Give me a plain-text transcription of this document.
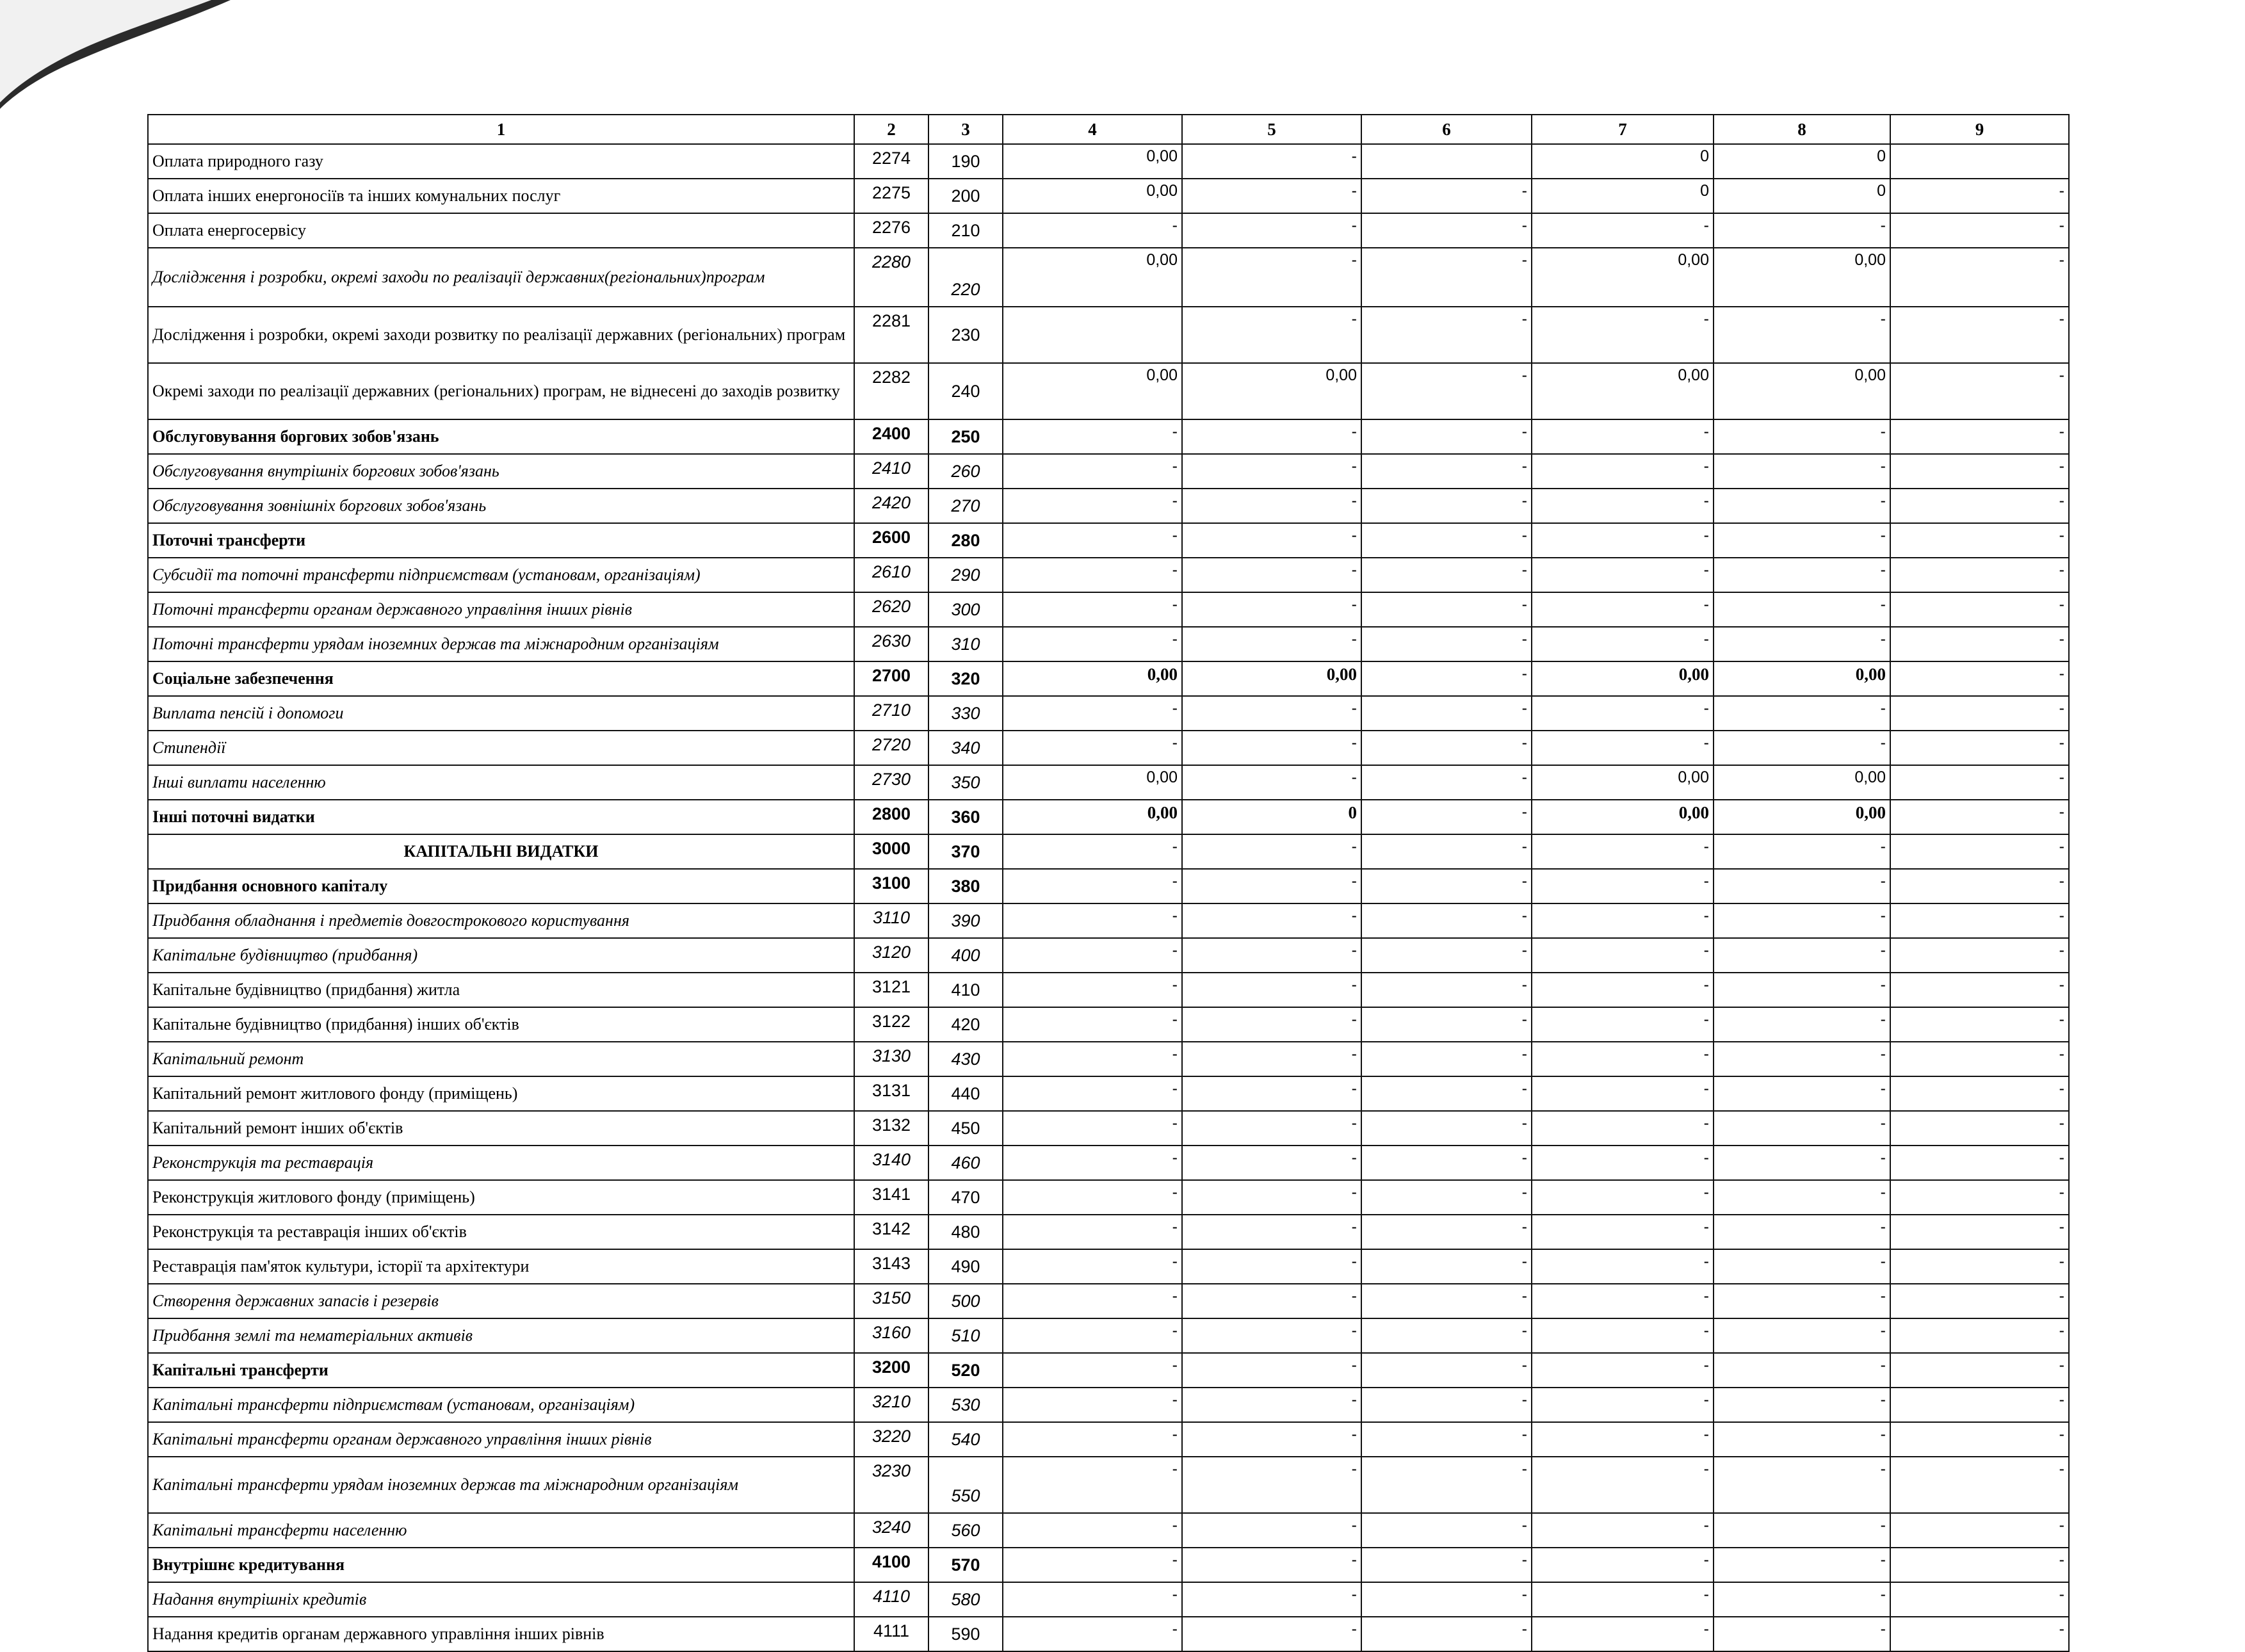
1	2	3	4	5	6	7	8	9
Оплата природного газу	2274	190	0,00	-		0	0	
Оплата інших енергоносіїв та інших комунальних послуг	2275	200	0,00	-	-	0	0	-
Оплата енергосервісу	2276	210	-	-	-	-	-	-
Дослідження і розробки, окремі заходи по реалізації державних(регіональних)програм	2280	220	0,00	-	-	0,00	0,00	-
Дослідження і розробки, окремі заходи розвитку по реалізації державних (регіональних) програм	2281	230		-	-	-	-	-
Окремі заходи по реалізації державних (регіональних) програм, не віднесені до заходів розвитку	2282	240	0,00	0,00	-	0,00	0,00	-
Обслуговування боргових зобов'язань	2400	250	-	-	-	-	-	-
Обслуговування внутрішніх боргових зобов'язань	2410	260	-	-	-	-	-	-
Обслуговування зовнішніх боргових зобов'язань	2420	270	-	-	-	-	-	-
Поточні трансферти	2600	280	-	-	-	-	-	-
Субсидії та поточні трансферти підприємствам (установам, організаціям)	2610	290	-	-	-	-	-	-
Поточні трансферти органам державного управління інших рівнів	2620	300	-	-	-	-	-	-
Поточні трансферти урядам іноземних держав та міжнародним організаціям	2630	310	-	-	-	-	-	-
Соціальне забезпечення	2700	320	0,00	0,00	-	0,00	0,00	-
Виплата пенсій і допомоги	2710	330	-	-	-	-	-	-
Стипендії	2720	340	-	-	-	-	-	-
Інші виплати населенню	2730	350	0,00	-	-	0,00	0,00	-
Інші поточні видатки	2800	360	0,00	0	-	0,00	0,00	-
КАПІТАЛЬНІ ВИДАТКИ	3000	370	-	-	-	-	-	-
Придбання основного капіталу	3100	380	-	-	-	-	-	-
Придбання обладнання і предметів довгострокового користування	3110	390	-	-	-	-	-	-
Капітальне будівництво (придбання)	3120	400	-	-	-	-	-	-
Капітальне будівництво (придбання) житла	3121	410	-	-	-	-	-	-
Капітальне будівництво (придбання) інших об'єктів	3122	420	-	-	-	-	-	-
Капітальний ремонт	3130	430	-	-	-	-	-	-
Капітальний ремонт житлового фонду (приміщень)	3131	440	-	-	-	-	-	-
Капітальний ремонт інших об'єктів	3132	450	-	-	-	-	-	-
Реконструкція та реставрація	3140	460	-	-	-	-	-	-
Реконструкція житлового фонду (приміщень)	3141	470	-	-	-	-	-	-
Реконструкція та реставрація інших об'єктів	3142	480	-	-	-	-	-	-
Реставрація пам'яток культури, історії та архітектури	3143	490	-	-	-	-	-	-
Створення державних запасів і резервів	3150	500	-	-	-	-	-	-
Придбання землі та нематеріальних активів	3160	510	-	-	-	-	-	-
Капітальні трансферти	3200	520	-	-	-	-	-	-
Капітальні трансферти підприємствам (установам, організаціям)	3210	530	-	-	-	-	-	-
Капітальні трансферти органам державного управління інших рівнів	3220	540	-	-	-	-	-	-
Капітальні трансферти урядам іноземних держав та міжнародним організаціям	3230	550	-	-	-	-	-	-
Капітальні трансферти населенню	3240	560	-	-	-	-	-	-
Внутрішнє кредитування	4100	570	-	-	-	-	-	-
Надання внутрішніх кредитів	4110	580	-	-	-	-	-	-
Надання кредитів органам державного управління інших рівнів	4111	590	-	-	-	-	-	-
